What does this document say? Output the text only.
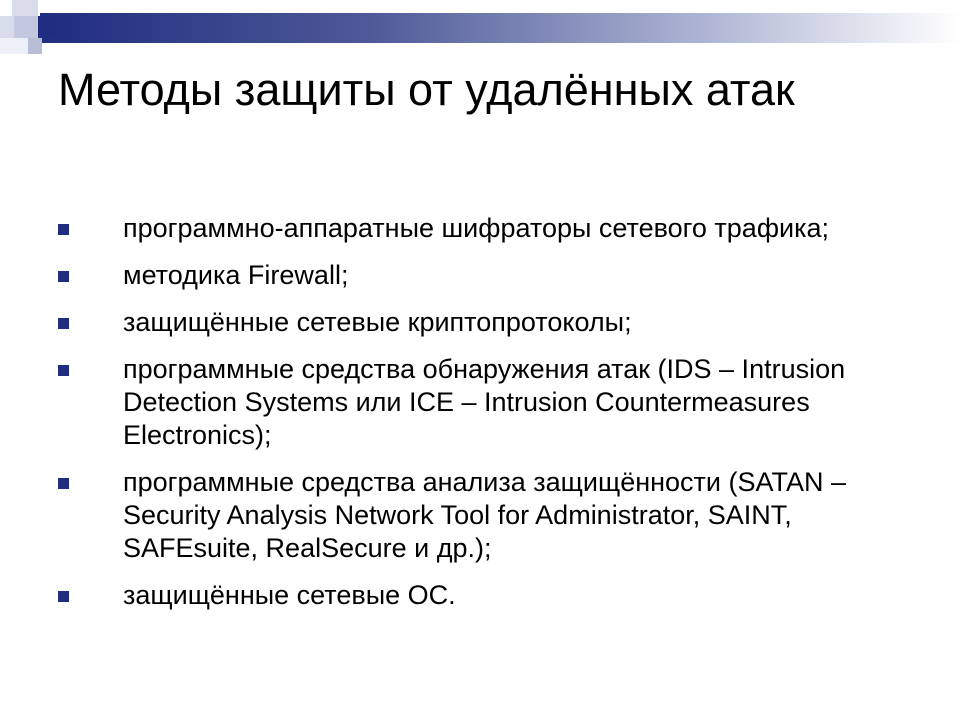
Методы защиты от удалённых атак
программно-аппаратные шифраторы сетевого трафика;
методика Firewall;
защищённые сетевые криптопротоколы;
программные средства обнаружения атак (IDS – Intrusion Detection Systems или ICE – Intrusion Countermeasures Electronics);
программные средства анализа защищённости (SATAN – Security Analysis Network Tool for Administrator, SAINT, SAFEsuite, RealSecure и др.);
защищённые сетевые ОС.
